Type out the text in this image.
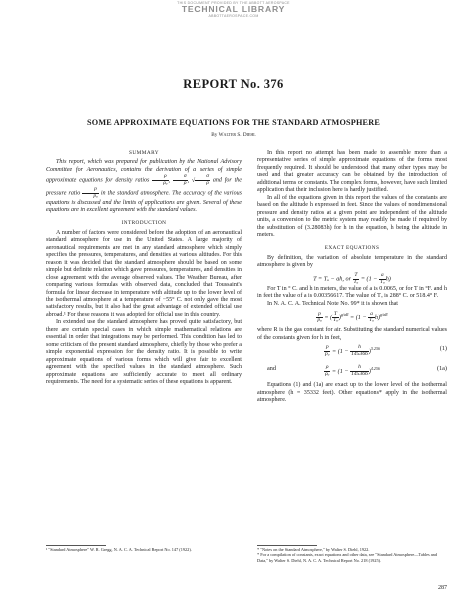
THIS DOCUMENT PROVIDED BY THE ABBOTT AEROSPACE
TECHNICAL LIBRARY
ABBOTTAEROSPACE.COM
REPORT No. 376
SOME APPROXIMATE EQUATIONS FOR THE STANDARD ATMOSPHERE
By Walter S. Diehl
SUMMARY

This report, which was prepared for publication by the National Advisory Committee for Aeronautics, contains the derivation of a series of simple approximate equations for density ratios $\frac{\rho}{\text{ρₒ}}$ , $\frac{\sigma}{\rho}$ , √ $\frac{\sigma}{\rho}$ and for the pressure ratio $\frac{p}{\text{pₒ}}$ in the standard atmosphere. The accuracy of the various equations is discussed and the limits of applications are given. Several of these equations are in excellent agreement with the standard values.

INTRODUCTION

A number of factors were considered before the adoption of an aeronautical standard atmosphere for use in the United States. A large majority of aeronautical requirements are met in any standard atmosphere which simply specifies the pressures, temperatures, and densities at various altitudes. For this reason it was decided that the standard atmosphere should be based on some simple but definite relation which gave pressures, temperatures, and densities in close agreement with the average observed values. The Weather Bureau, after comparing various formulas with observed data, concluded that Toussaint's formula for linear decrease in temperature with altitude up to the lower level of the isothermal atmosphere at a temperature of −55° C. not only gave the most satisfactory results, but it also had the great advantage of extended official use abroad.¹ For these reasons it was adopted for official use in this country.

In extended use the standard atmosphere has proved quite satisfactory, but there are certain special cases in which simple mathematical relations are essential in order that integrations may be performed. This condition has led to some criticism of the present standard atmosphere, chiefly by those who prefer a simple exponential expression for the density ratio. It is possible to write approximate equations of various forms which will give fair to excellent agreement with the specified values in the standard atmosphere. Such approximate equations are sufficiently accurate to meet all ordinary requirements. The need for a systematic series of these equations is apparent.

In this report no attempt has been made to assemble more than a representative series of simple approximate equations of the forms most frequently required. It should be understood that many other types may be used and that greater accuracy can be obtained by the introduction of additional terms or constants. The complex forms, however, have such limited application that their inclusion here is hardly justified.

In all of the equations given in this report the values of the constants are based on the altitude h expressed in feet. Since the values of nondimensional pressure and density ratios at a given point are independent of the altitude units, a conversion to the metric system may readily be made if required by the substitution of (3.28083h) for h in the equation, h being the altitude in meters.

EXACT EQUATIONS

By definition, the variation of absolute temperature in the standard atmosphere is given by

T = Tₒ − ah, or $\frac{T}{\text{Tₒ}} = (1 - \frac{a}{\text{Tₒ}} h)$

For T in ° C. and h in meters, the value of a is 0.0065, or for T in °F. and h in feet the value of a is 0.00356617. The value of Tₒ is 288° C. or 518.4° F.

In N. A. C. A. Technical Note No. 99* it is shown that

$\frac{p}{\text{pₒ}}$ = ( $\frac{T}{\text{Tₒ}} )^{g/aR} = (1 - \frac{a}{\text{Tₒ}} h)^{g/aR}$

where R is the gas constant for air. Substituting the standard numerical values of the constants given for h in feet,

$\frac{p}{\text{pₒ}} = (1 - \frac{h}{145366} )^{5.256}$	(1)
and	$\frac{\rho}{\text{ρₒ}} = (1 - \frac{h}{145366} )^{4.256}$	(1a)

Equations (1) and (1a) are exact up to the lower level of the isothermal atmosphere (h = 35332 feet). Other equations* apply in the isothermal atmosphere.

¹ "Standard Atmosphere" W. R. Gregg, N. A. C. A. Technical Report No. 147 (1922).	* "Notes on the Standard Atmosphere," by Walter S. Diehl, 1922.
* For a compilation of constants, exact equations and other data, see "Standard Atmosphere—Tables and Data," by Walter S. Diehl, N. A. C. A. Technical Report No. 218 (1925).
287
